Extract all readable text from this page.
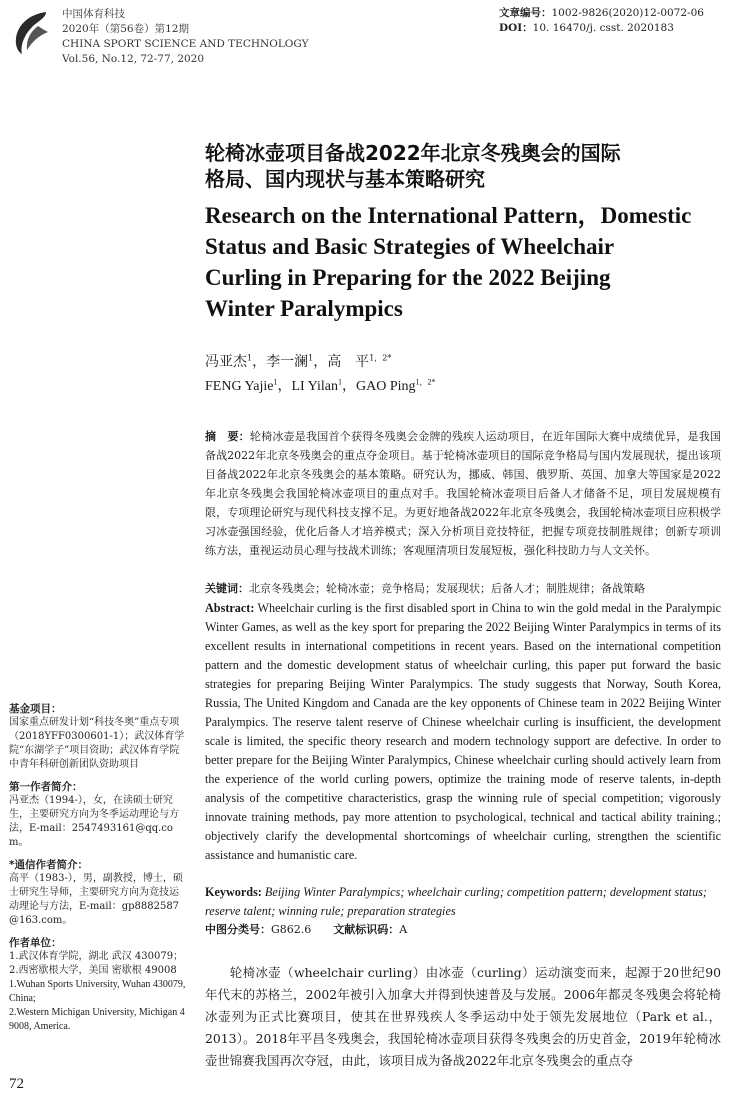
中国体育科技
2020年（第56卷）第12期
CHINA SPORT SCIENCE AND TECHNOLOGY
Vol.56, No.12, 72-77, 2020
文章编号：1002-9826(2020)12-0072-06
DOI：10. 16470/j. csst. 2020183
轮椅冰壶项目备战2022年北京冬残奥会的国际
格局、国内现状与基本策略研究
Research on the International Pattern，Domestic
Status and Basic Strategies of Wheelchair
Curling in Preparing for the 2022 Beijing
Winter Paralympics
冯亚杰$^1$，李一澜$^1$，高　平$^{1,2*}$
FENG Yajie$^1$，LI Yilan$^1$，GAO Ping$^{1,2*}$
摘　要：轮椅冰壶是我国首个获得冬残奥会金牌的残疾人运动项目，在近年国际大赛中成绩优异，是我国备战2022年北京冬残奥会的重点夺金项目。基于轮椅冰壶项目的国际竞争格局与国内发展现状，提出该项目备战2022年北京冬残奥会的基本策略。研究认为，挪威、韩国、俄罗斯、英国、加拿大等国家是2022年北京冬残奥会我国轮椅冰壶项目的重点对手。我国轮椅冰壶项目后备人才储备不足，项目发展规模有限，专项理论研究与现代科技支撑不足。为更好地备战2022年北京冬残奥会，我国轮椅冰壶项目应积极学习冰壶强国经验，优化后备人才培养模式；深入分析项目竞技特征，把握专项竞技制胜规律；创新专项训练方法，重视运动员心理与技战术训练；客观厘清项目发展短板，强化科技助力与人文关怀。
关键词：北京冬残奥会；轮椅冰壶；竞争格局；发展现状；后备人才；制胜规律；备战策略
Abstract: Wheelchair curling is the first disabled sport in China to win the gold medal in the Paralympic Winter Games, as well as the key sport for preparing the 2022 Beijing Winter Paralympics in terms of its excellent results in international competitions in recent years. Based on the international competition pattern and the domestic development status of wheelchair curling, this paper put forward the basic strategies for preparing Beijing Winter Paralympics. The study suggests that Norway, South Korea, Russia, The United Kingdom and Canada are the key opponents of Chinese team in 2022 Beijing Winter Paralympics. The reserve talent reserve of Chinese wheelchair curling is insufficient, the development scale is limited, the specific theory research and modern technology support are defective. In order to better prepare for the Beijing Winter Paralympics, Chinese wheelchair curling should actively learn from the experience of the world curling powers, optimize the training mode of reserve talents, in-depth analysis of the competitive characteristics, grasp the winning rule of special competition; vigorously innovate training methods, pay more attention to psychological, technical and tactical ability training.; objectively clarify the developmental shortcomings of wheelchair curling, strengthen the scientific assistance and humanistic care.
Keywords: Beijing Winter Paralympics; wheelchair curling; competition pattern; development status; reserve talent; winning rule; preparation strategies
中图分类号：G862.6 文献标识码：A

轮椅冰壶（wheelchair curling）由冰壶（curling）运动演变而来，起源于20世纪90年代末的苏格兰，2002年被引入加拿大并得到快速普及与发展。2006年都灵冬残奥会将轮椅冰壶列为正式比赛项目，使其在世界残疾人冬季运动中处于领先发展地位（Park et al.，2013）。2018年平昌冬残奥会，我国轮椅冰壶项目获得冬残奥会的历史首金，2019年轮椅冰壶世锦赛我国再次夺冠，由此，该项目成为备战2022年北京冬残奥会的重点夺

基金项目：
国家重点研发计划“科技冬奥”重点专项（2018YFF0300601-1）；武汉体育学院“东湖学子”项目资助；武汉体育学院中青年科研创新团队资助项目
第一作者简介：
冯亚杰（1994-），女，在读硕士研究生，主要研究方向为冬季运动理论与方法，E-mail：2547493161@qq.com。
*通信作者简介：
高平（1983-），男，副教授，博士，硕士研究生导师，主要研究方向为竞技运动理论与方法，E-mail：gp8882587@163.com。
作者单位：
1.武汉体育学院，湖北 武汉 430079；
2.西密歇根大学，美国 密歇根 49008
1.Wuhan Sports University, Wuhan 430079, China;
2.Western Michigan University, Michigan 49008, America.
72
